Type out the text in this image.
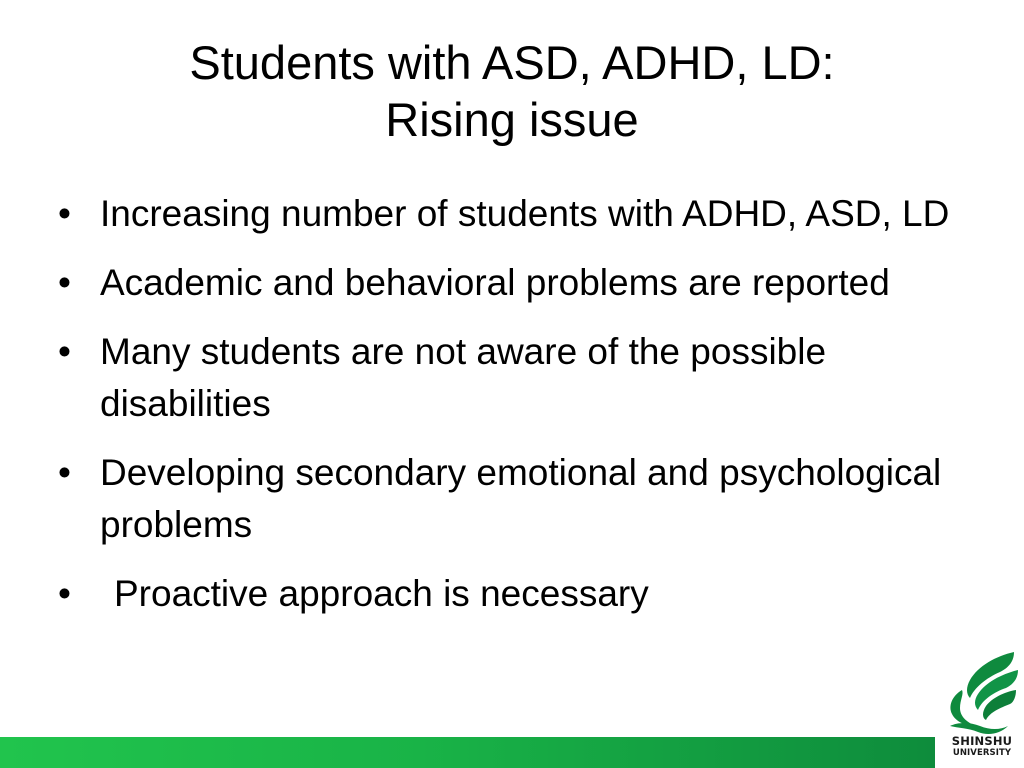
Students with ASD, ADHD, LD:
Rising issue
• Increasing number of students with ADHD, ASD, LD
• Academic and behavioral problems are reported
• Many students are not aware of the possible disabilities
• Developing secondary emotional and psychological problems
• Proactive approach is necessary
SHINSHU
UNIVERSITY
